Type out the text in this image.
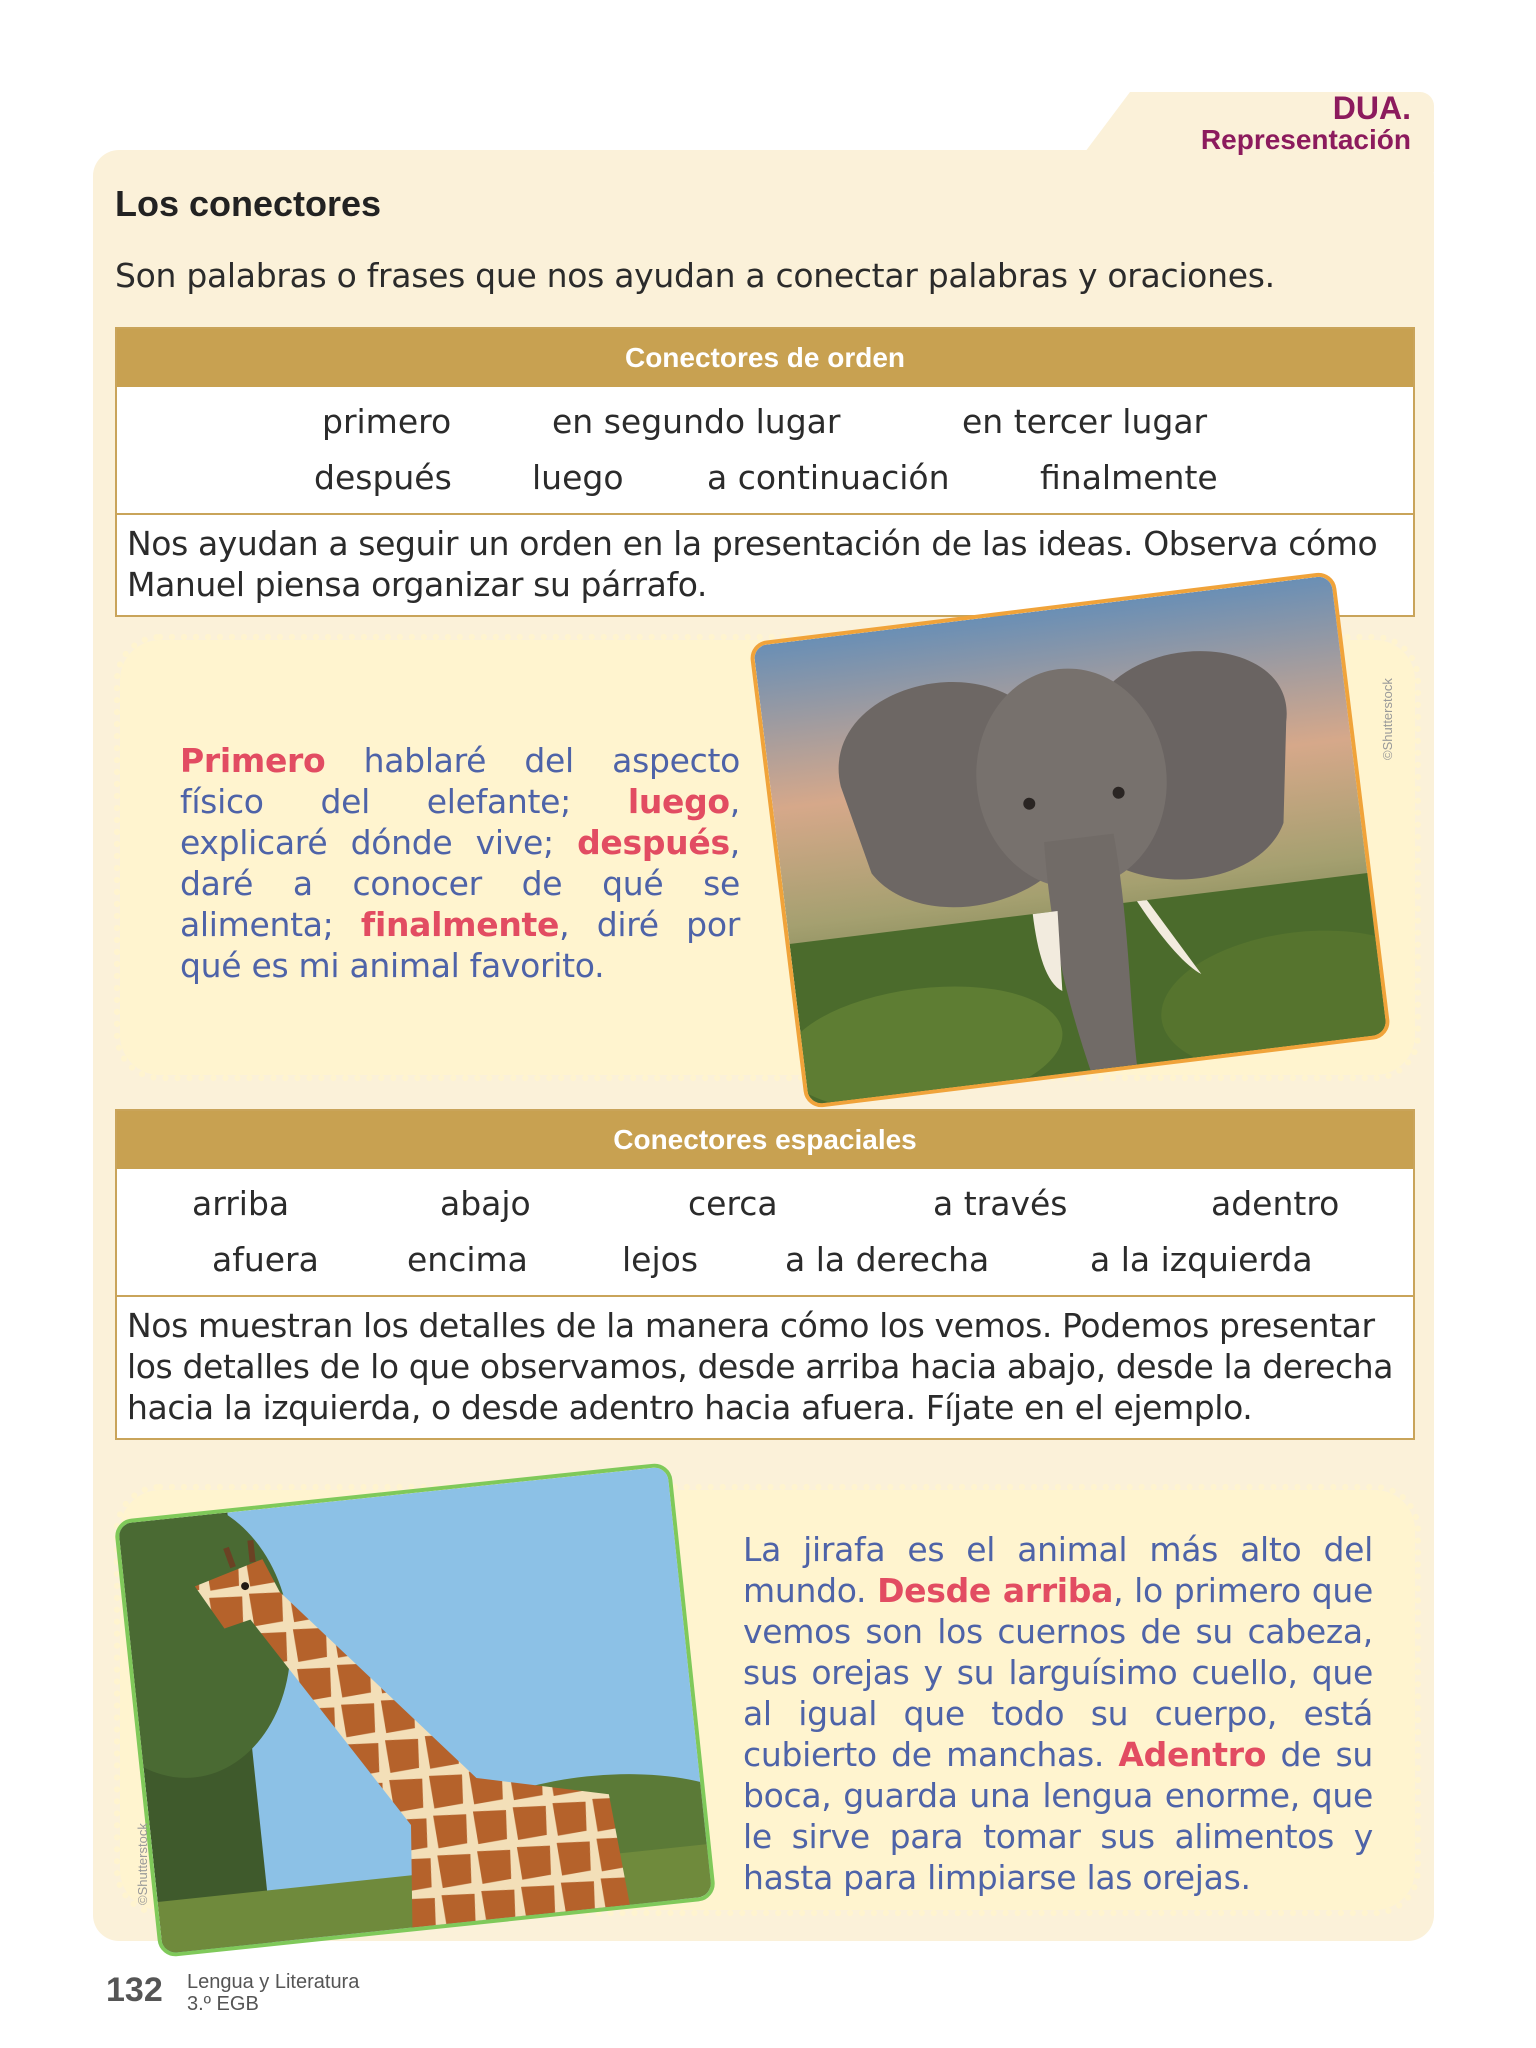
DUA.
Representación
Los conectores

Son palabras o frases que nos ayudan a conectar palabras y oraciones.

Conectores de orden
primero	en segundo lugar	en tercer lugar
después	luego	a continuación	finalmente
Nos ayudan a seguir un orden en la presentación de las ideas. Observa cómo Manuel piensa organizar su párrafo.

Primero hablaré del aspecto físico del elefante; luego, explicaré dónde vive; después, daré a conocer de qué se alimenta; finalmente, diré por qué es mi animal favorito.

©Shutterstock
Conectores espaciales
arriba	abajo	cerca	a través	adentro
afuera	encima	lejos	a la derecha	a la izquierda
Nos muestran los detalles de la manera cómo los vemos. Podemos presentar los detalles de lo que observamos, desde arriba hacia abajo, desde la derecha hacia la izquierda, o desde adentro hacia afuera. Fíjate en el ejemplo.
©Shutterstock

La jirafa es el animal más alto del mundo. Desde arriba, lo primero que vemos son los cuernos de su cabeza, sus orejas y su larguísimo cuello, que al igual que todo su cuerpo, está cubierto de manchas. Adentro de su boca, guarda una lengua enorme, que le sirve para tomar sus alimentos y hasta para limpiarse las orejas.

132 Lengua y Literatura
3.º EGB
